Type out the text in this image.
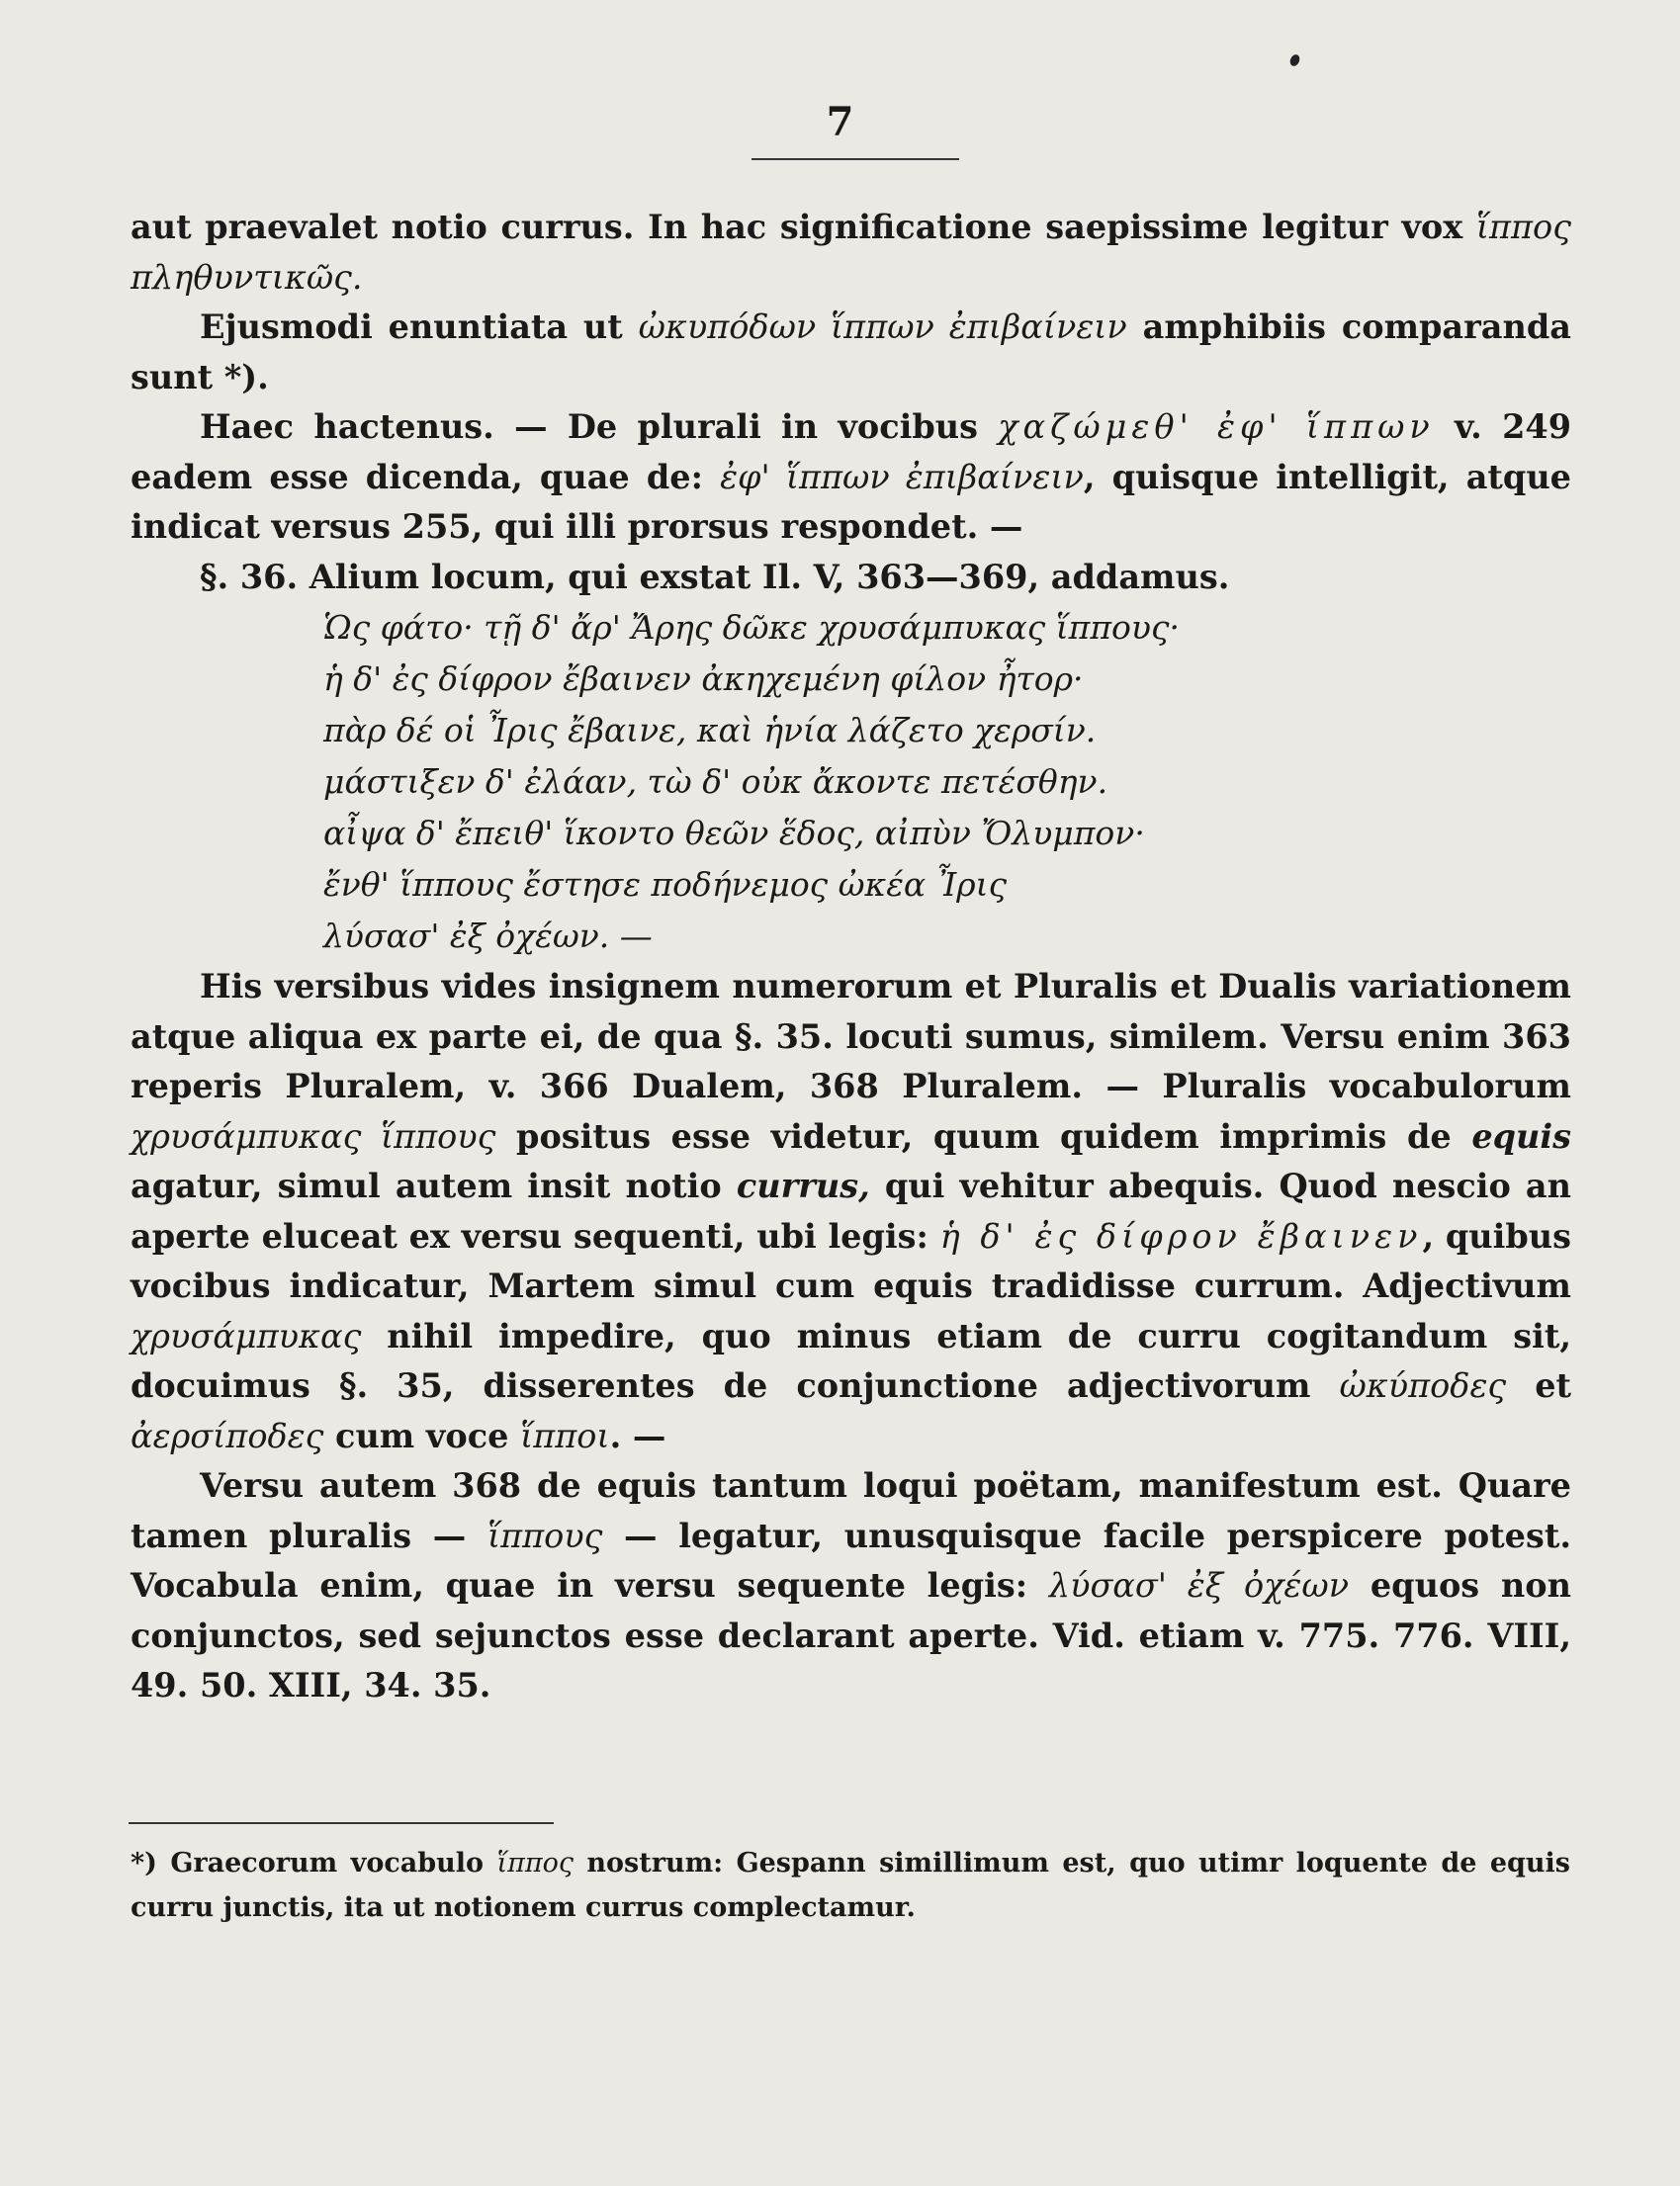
7

aut praevalet notio currus. In hac significatione saepissime legitur vox ἵππος πληθυντικῶς.

Ejusmodi enuntiata ut ὠκυπόδων ἵππων ἐπιβαίνειν amphibiis comparanda sunt *).

Haec hactenus. — De plurali in vocibus χαζώμεθ' ἐφ' ἵππων v. 249 eadem esse dicenda, quae de: ἐφ' ἵππων ἐπιβαίνειν, quisque intelligit, atque indicat versus 255, qui illi prorsus respondet. —

§. 36. Alium locum, qui exstat Il. V, 363—369, addamus.

Ὡς φάτο· τῇ δ' ἄρ' Ἄρης δῶκε χρυσάμπυκας ἵππους·

ἡ δ' ἐς δίφρον ἔβαινεν ἀκηχεμένη φίλον ἦτορ·

πὰρ δέ οἱ Ἶρις ἔβαινε, καὶ ἡνία λάζετο χερσίν.

μάστιξεν δ' ἐλάαν, τὼ δ' οὐκ ἄκοντε πετέσθην.

αἶψα δ' ἔπειθ' ἵκοντο θεῶν ἕδος, αἰπὺν Ὄλυμπον·

ἔνθ' ἵππους ἔστησε ποδήνεμος ὠκέα Ἶρις

λύσασ' ἐξ ὀχέων. —

His versibus vides insignem numerorum et Pluralis et Dualis variationem atque aliqua ex parte ei, de qua §. 35. locuti sumus, similem. Versu enim 363 reperis Pluralem, v. 366 Dualem, 368 Pluralem. — Pluralis vocabulorum χρυσάμπυκας ἵππους positus esse videtur, quum quidem imprimis de equis agatur, simul autem insit notio currus, qui vehitur abequis. Quod nescio an aperte eluceat ex versu sequenti, ubi legis: ἡ δ' ἐς δίφρον ἔβαινεν, quibus vocibus indicatur, Martem simul cum equis tradidisse currum. Adjectivum χρυσάμπυκας nihil impedire, quo minus etiam de curru cogitandum sit, docuimus §. 35, disserentes de conjunctione adjectivorum ὠκύποδες et ἀερσίποδες cum voce ἵπποι. —

Versu autem 368 de equis tantum loqui poëtam, manifestum est. Quare tamen pluralis — ἵππους — legatur, unusquisque facile perspicere potest. Vocabula enim, quae in versu sequente legis: λύσασ' ἐξ ὀχέων equos non conjunctos, sed sejunctos esse declarant aperte. Vid. etiam v. 775. 776. VIII, 49. 50. XIII, 34. 35.

*) Graecorum vocabulo ἵππος nostrum: Gespann simillimum est, quo utimr loquente de equis curru junctis, ita ut notionem currus complectamur.
